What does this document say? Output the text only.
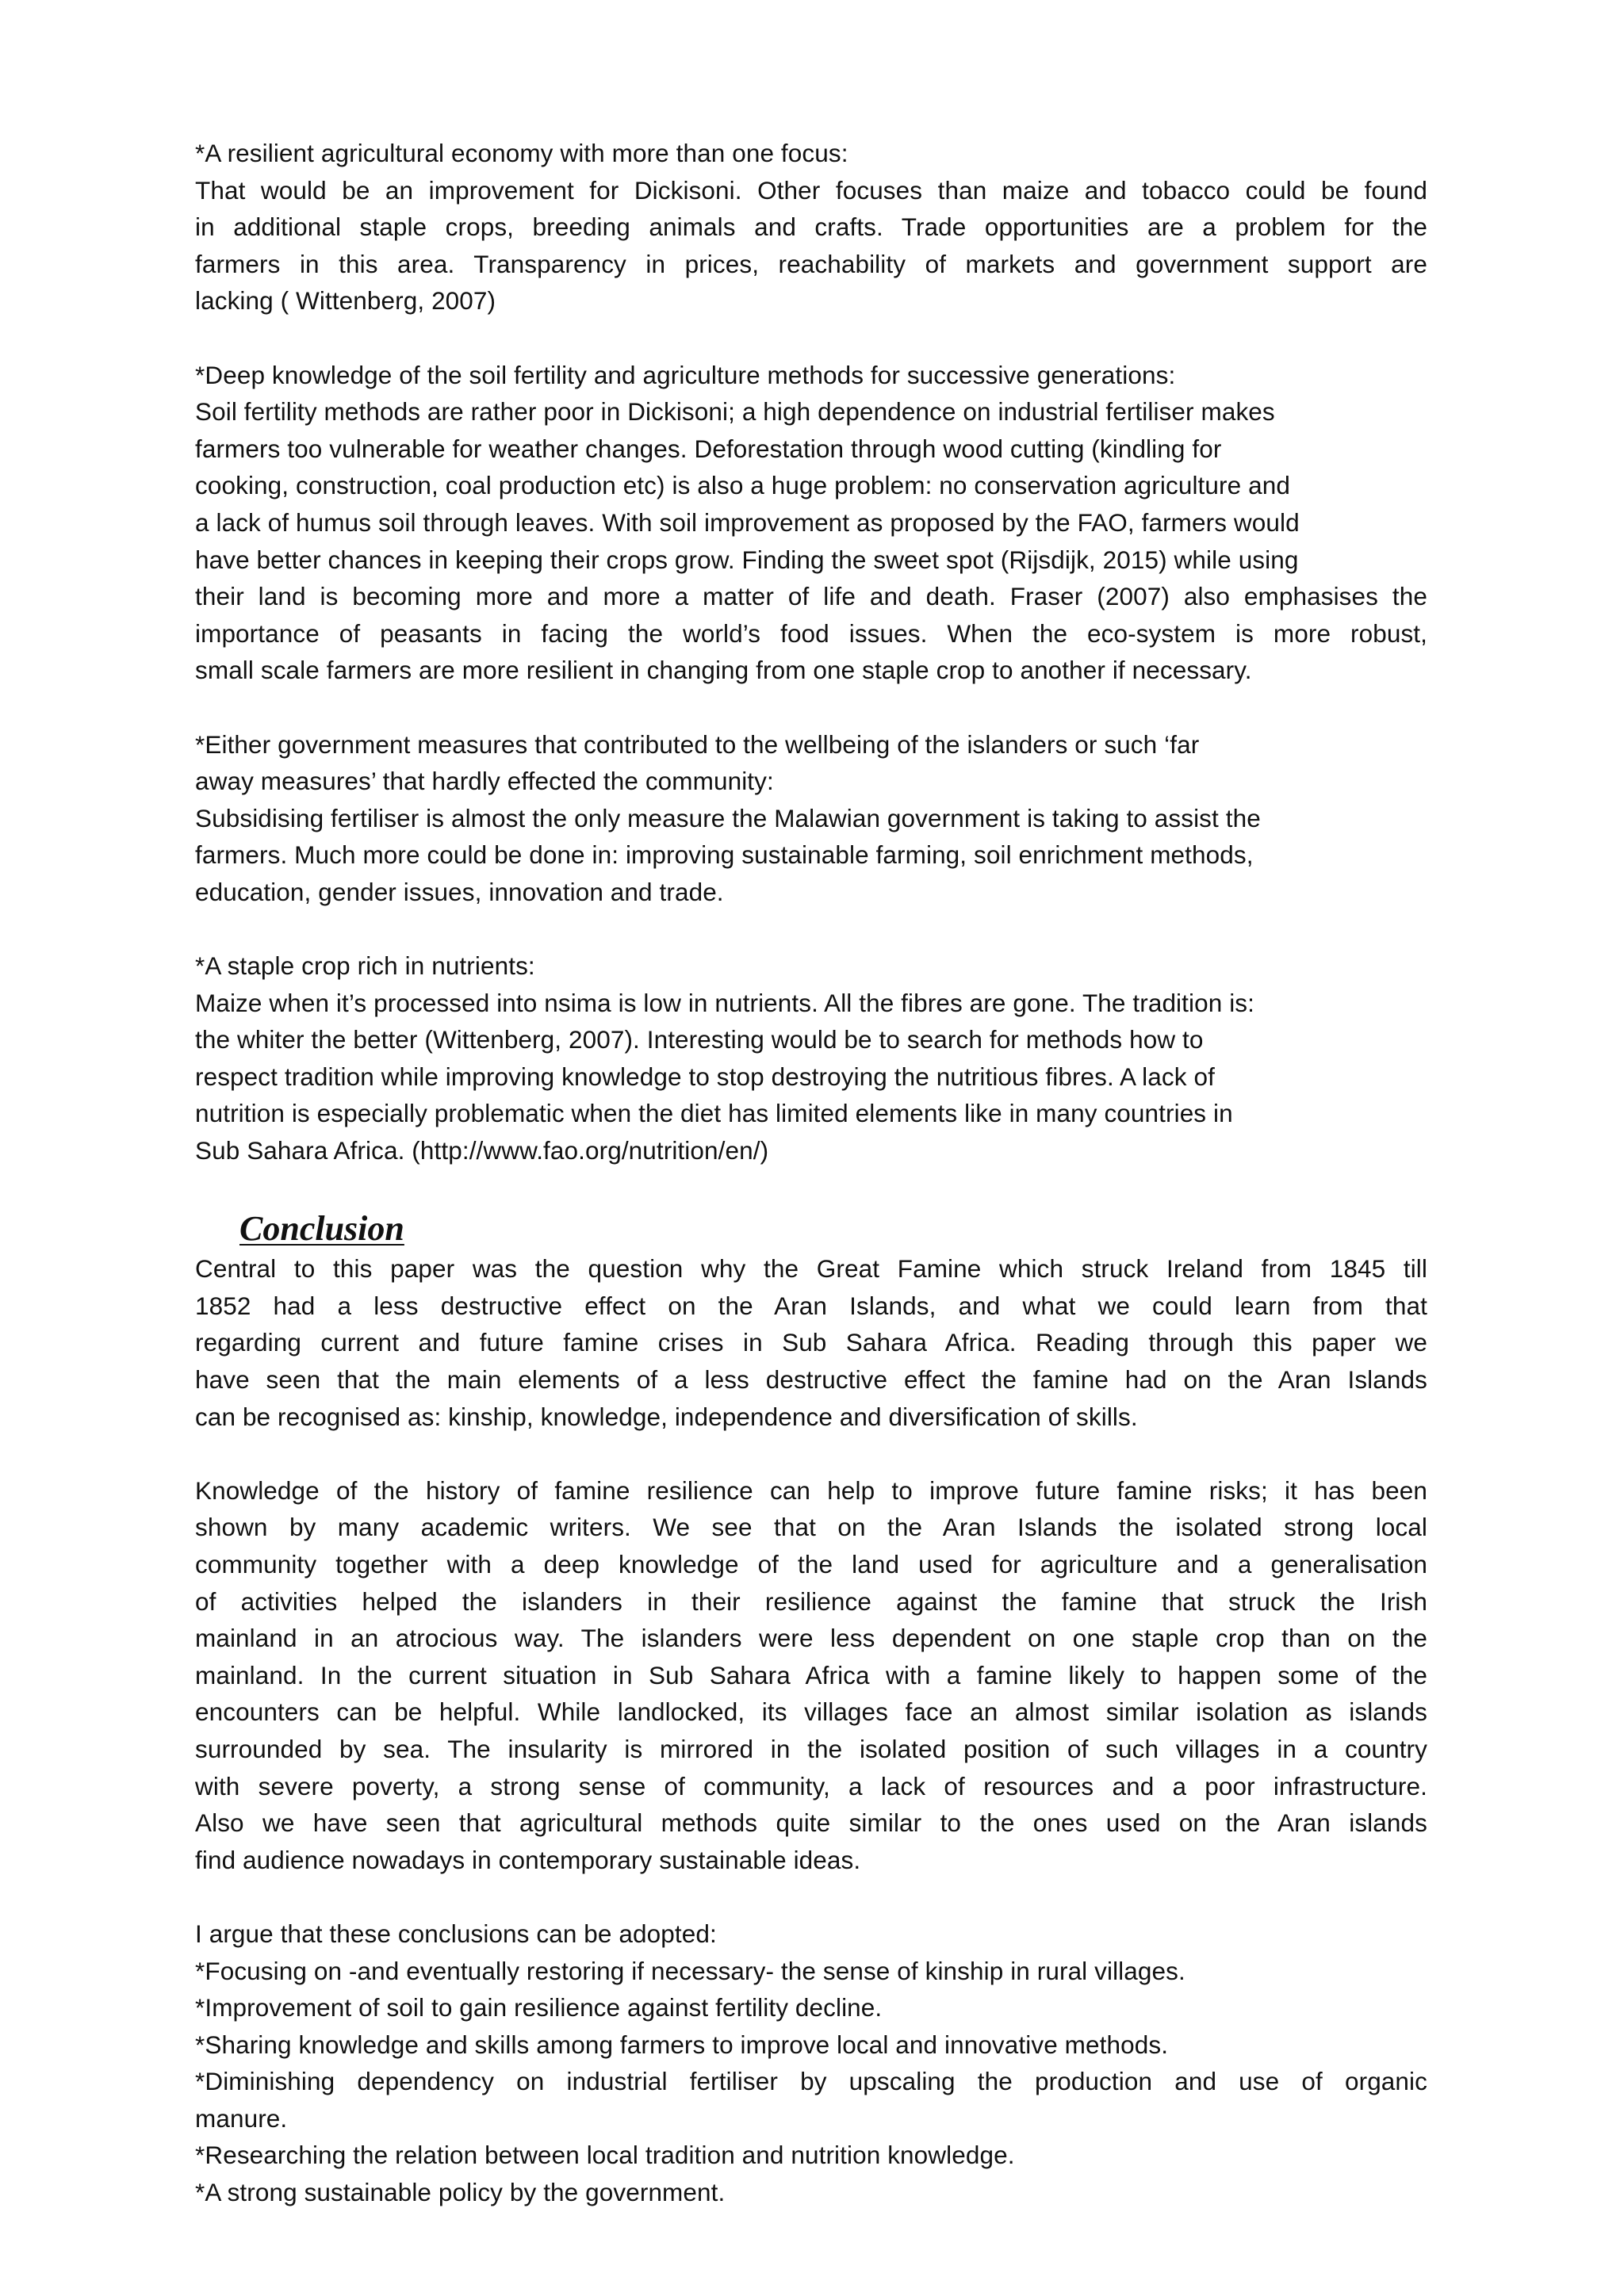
*A resilient agricultural economy with more than one focus:
That would be an improvement for Dickisoni. Other focuses than maize and tobacco could be found
in additional staple crops, breeding animals and crafts. Trade opportunities are a problem for the
farmers in this area. Transparency in prices, reachability of markets and government support are
lacking ( Wittenberg, 2007)
*Deep knowledge of the soil fertility and agriculture methods for successive generations:
Soil fertility methods are rather poor in Dickisoni; a high dependence on industrial fertiliser makes
farmers too vulnerable for weather changes. Deforestation through wood cutting (kindling for
cooking, construction, coal production etc) is also a huge problem: no conservation agriculture and
a lack of humus soil through leaves. With soil improvement as proposed by the FAO, farmers would
have better chances in keeping their crops grow. Finding the sweet spot (Rijsdijk, 2015) while using
their land is becoming more and more a matter of life and death. Fraser (2007) also emphasises the
importance of peasants in facing the world’s food issues. When the eco-system is more robust,
small scale farmers are more resilient in changing from one staple crop to another if necessary.
*Either government measures that contributed to the wellbeing of the islanders or such ‘far
away measures’ that hardly effected the community:
Subsidising fertiliser is almost the only measure the Malawian government is taking to assist the
farmers. Much more could be done in: improving sustainable farming, soil enrichment methods,
education, gender issues, innovation and trade.
*A staple crop rich in nutrients:
Maize when it’s processed into nsima is low in nutrients. All the fibres are gone. The tradition is:
the whiter the better (Wittenberg, 2007). Interesting would be to search for methods how to
respect tradition while improving knowledge to stop destroying the nutritious fibres. A lack of
nutrition is especially problematic when the diet has limited elements like in many countries in
Sub Sahara Africa. (http://www.fao.org/nutrition/en/)
Conclusion
Central to this paper was the question why the Great Famine which struck Ireland from 1845 till
1852 had a less destructive effect on the Aran Islands, and what we could learn from that
regarding current and future famine crises in Sub Sahara Africa. Reading through this paper we
have seen that the main elements of a less destructive effect the famine had on the Aran Islands
can be recognised as: kinship, knowledge, independence and diversification of skills.
Knowledge of the history of famine resilience can help to improve future famine risks; it has been
shown by many academic writers. We see that on the Aran Islands the isolated strong local
community together with a deep knowledge of the land used for agriculture and a generalisation
of activities helped the islanders in their resilience against the famine that struck the Irish
mainland in an atrocious way. The islanders were less dependent on one staple crop than on the
mainland. In the current situation in Sub Sahara Africa with a famine likely to happen some of the
encounters can be helpful. While landlocked, its villages face an almost similar isolation as islands
surrounded by sea. The insularity is mirrored in the isolated position of such villages in a country
with severe poverty, a strong sense of community, a lack of resources and a poor infrastructure.
Also we have seen that agricultural methods quite similar to the ones used on the Aran islands
find audience nowadays in contemporary sustainable ideas.
I argue that these conclusions can be adopted:
*Focusing on -and eventually restoring if necessary- the sense of kinship in rural villages.
*Improvement of soil to gain resilience against fertility decline.
*Sharing knowledge and skills among farmers to improve local and innovative methods.
*Diminishing dependency on industrial fertiliser by upscaling the production and use of organic
manure.
*Researching the relation between local tradition and nutrition knowledge.
*A strong sustainable policy by the government.
